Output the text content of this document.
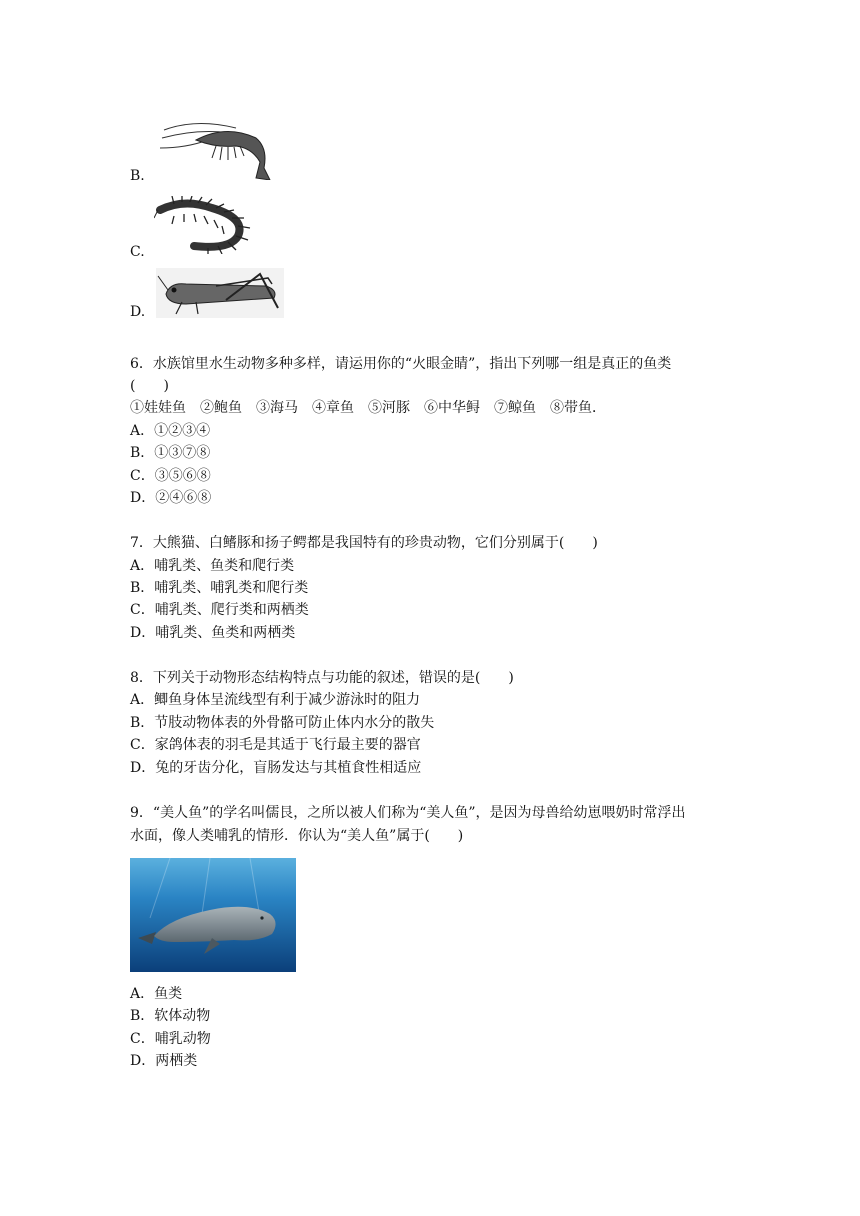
B.
C.
D.
6．水族馆里水生动物多种多样，请运用你的“火眼金睛”，指出下列哪一组是真正的鱼类
(　　)
①娃娃鱼　②鲍鱼　③海马　④章鱼　⑤河豚　⑥中华鲟　⑦鲸鱼　⑧带鱼．
A．①②③④
B．①③⑦⑧
C．③⑤⑥⑧
D．②④⑥⑧
7．大熊猫、白鳍豚和扬子鳄都是我国特有的珍贵动物，它们分别属于(　　)
A．哺乳类、鱼类和爬行类
B．哺乳类、哺乳类和爬行类
C．哺乳类、爬行类和两栖类
D．哺乳类、鱼类和两栖类
8．下列关于动物形态结构特点与功能的叙述，错误的是(　　)
A．鲫鱼身体呈流线型有利于减少游泳时的阻力
B．节肢动物体表的外骨骼可防止体内水分的散失
C．家鸽体表的羽毛是其适于飞行最主要的器官
D．兔的牙齿分化，盲肠发达与其植食性相适应
9．“美人鱼”的学名叫儒艮，之所以被人们称为“美人鱼”，是因为母兽给幼崽喂奶时常浮出
水面，像人类哺乳的情形．你认为“美人鱼”属于(　　)
A．鱼类
B．软体动物
C．哺乳动物
D．两栖类
